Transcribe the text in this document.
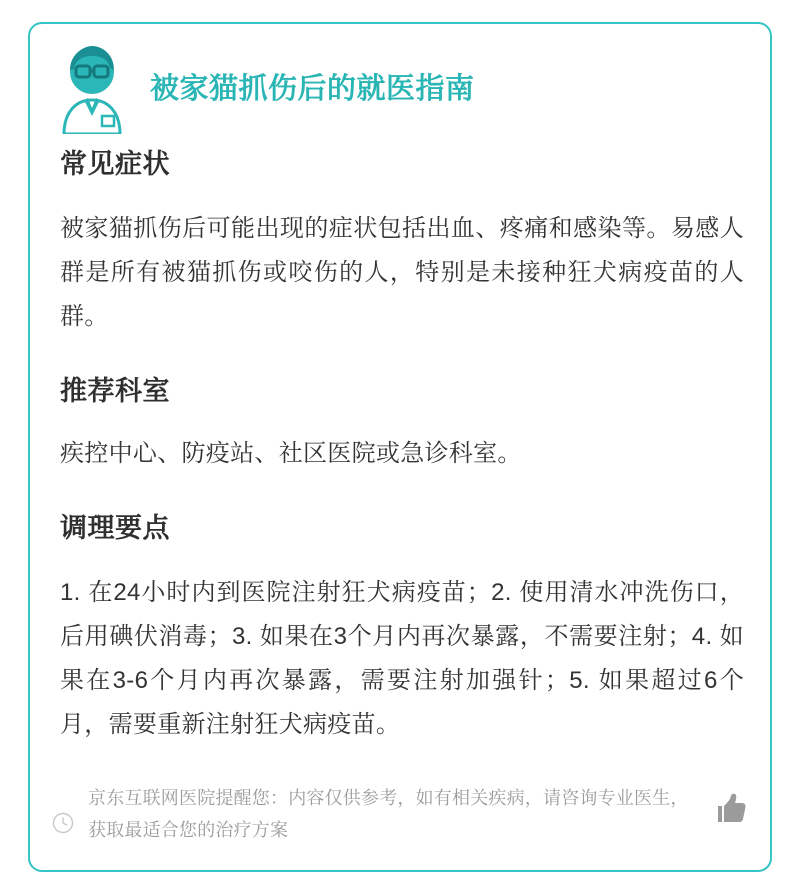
被家猫抓伤后的就医指南
常见症状

被家猫抓伤后可能出现的症状包括出血、疼痛和感染等。易感人群是所有被猫抓伤或咬伤的人，特别是未接种狂犬病疫苗的人群。

推荐科室

疾控中心、防疫站、社区医院或急诊科室。

调理要点

1. 在24小时内到医院注射狂犬病疫苗；2. 使用清水冲洗伤口，后用碘伏消毒；3. 如果在3个月内再次暴露，不需要注射；4. 如果在3-6个月内再次暴露，需要注射加强针；5. 如果超过6个月，需要重新注射狂犬病疫苗。

京东互联网医院提醒您：内容仅供参考，如有相关疾病，请咨询专业医生，获取最适合您的治疗方案
